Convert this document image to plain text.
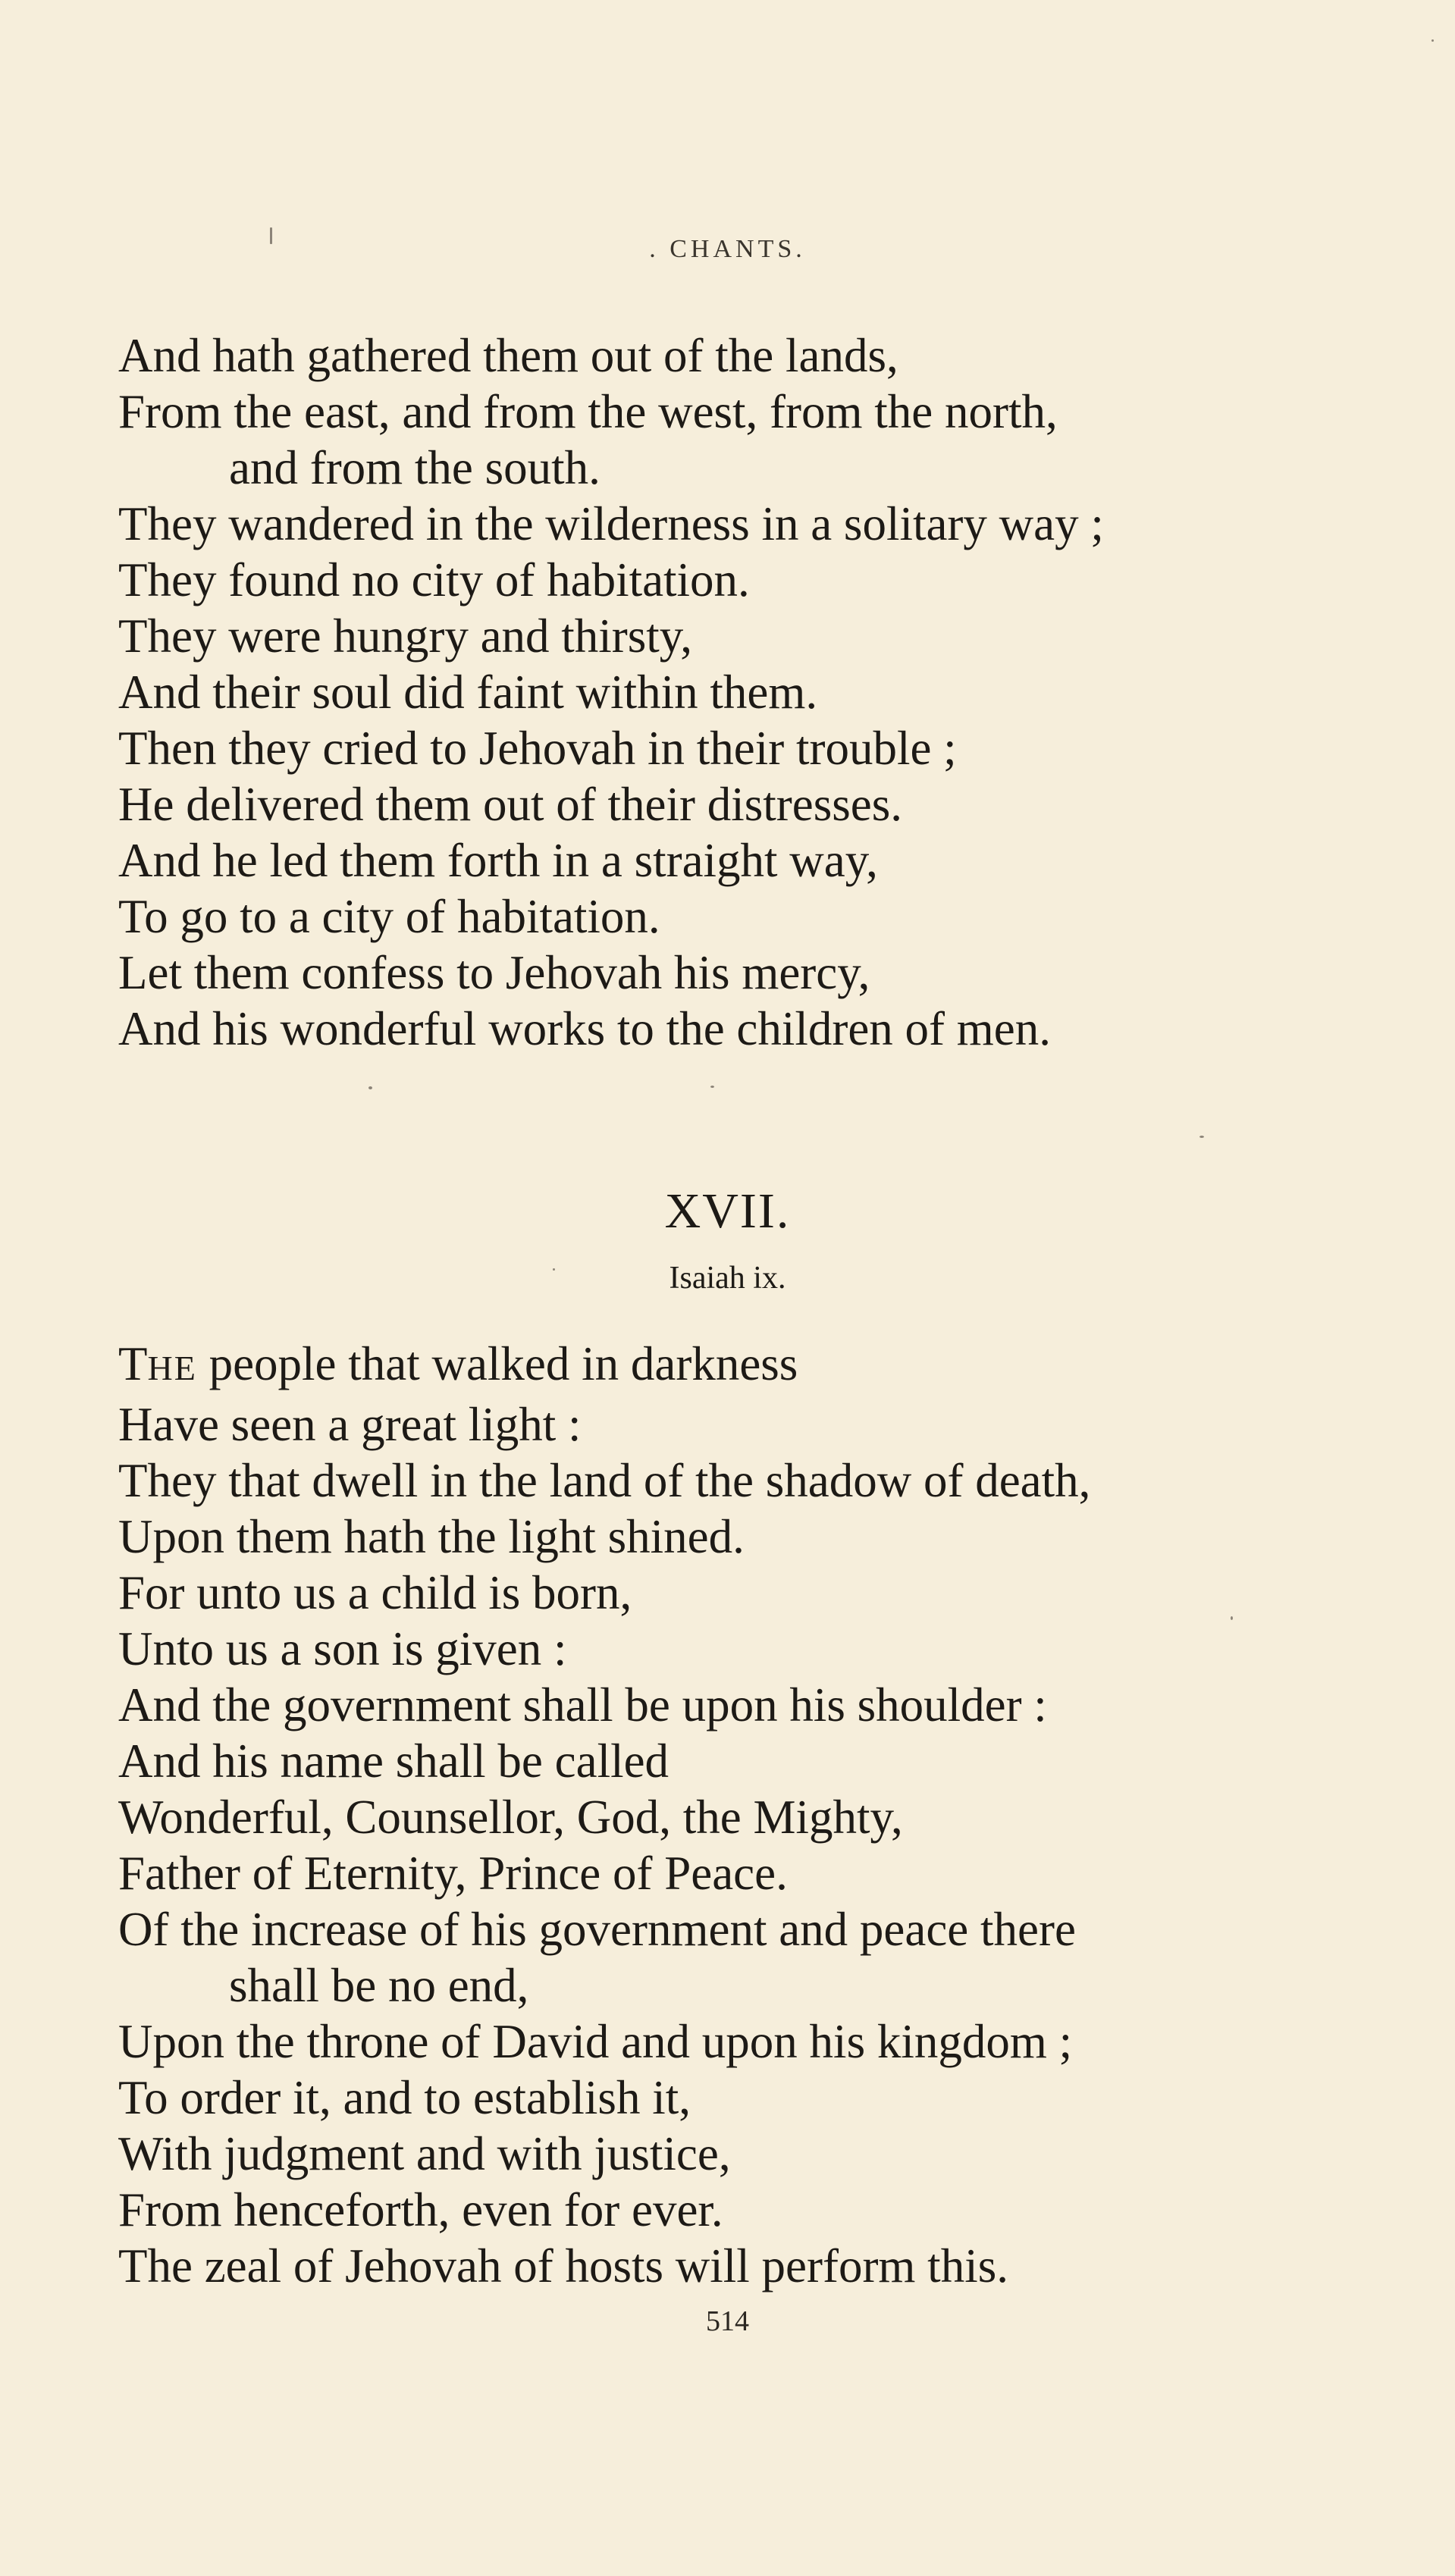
. CHANTS.
And hath gathered them out of the lands,
From the east, and from the west, from the north,
and from the south.
They wandered in the wilderness in a solitary way ;
They found no city of habitation.
They were hungry and thirsty,
And their soul did faint within them.
Then they cried to Jehovah in their trouble ;
He delivered them out of their distresses.
And he led them forth in a straight way,
To go to a city of habitation.
Let them confess to Jehovah his mercy,
And his wonderful works to the children of men.
XVII.
Isaiah ix.
THE people that walked in darkness
Have seen a great light :
They that dwell in the land of the shadow of death,
Upon them hath the light shined.
For unto us a child is born,
Unto us a son is given :
And the government shall be upon his shoulder :
And his name shall be called
Wonderful, Counsellor, God, the Mighty,
Father of Eternity, Prince of Peace.
Of the increase of his government and peace there
shall be no end,
Upon the throne of David and upon his kingdom ;
To order it, and to establish it,
With judgment and with justice,
From henceforth, even for ever.
The zeal of Jehovah of hosts will perform this.
514
